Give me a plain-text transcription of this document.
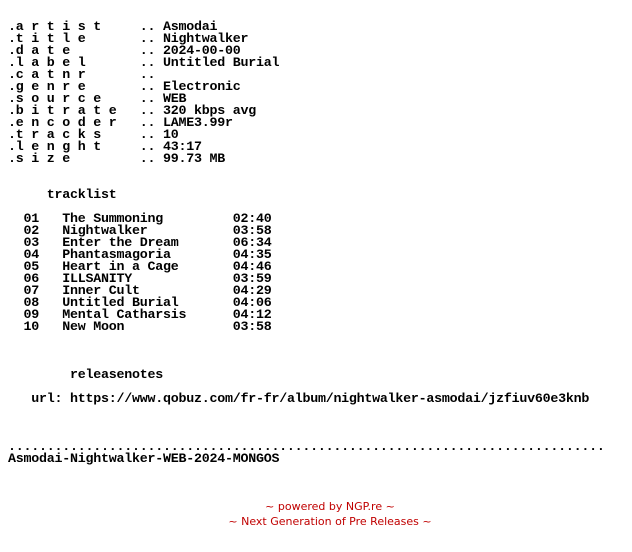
.a r t i s t     .. Asmodai
.t i t l e       .. Nightwalker
.d a t e         .. 2024-00-00
.l a b e l       .. Untitled Burial
.c a t n r       ..
.g e n r e       .. Electronic
.s o u r c e     .. WEB
.b i t r a t e   .. 320 kbps avg
.e n c o d e r   .. LAME3.99r
.t r a c k s     .. 10
.l e n g h t     .. 43:17
.s i z e         .. 99.73 MB

tracklist

01 The Summoning	02:40
02 Nightwalker	03:58
03 Enter the Dream	06:34
04 Phantasmagoria	04:35
05 Heart in a Cage	04:46
06 ILLSANITY	03:59
07 Inner Cult	04:29
08 Untitled Burial	04:06
09 Mental Catharsis	04:12
10 New Moon	03:58

releasenotes

url: https://www.qobuz.com/fr-fr/album/nightwalker-asmodai/jzfiuv60e3knb

.............................................................................
Asmodai-Nightwalker-WEB-2024-MONGOS
~ powered by NGP.re ~
~ Next Generation of Pre Releases ~
